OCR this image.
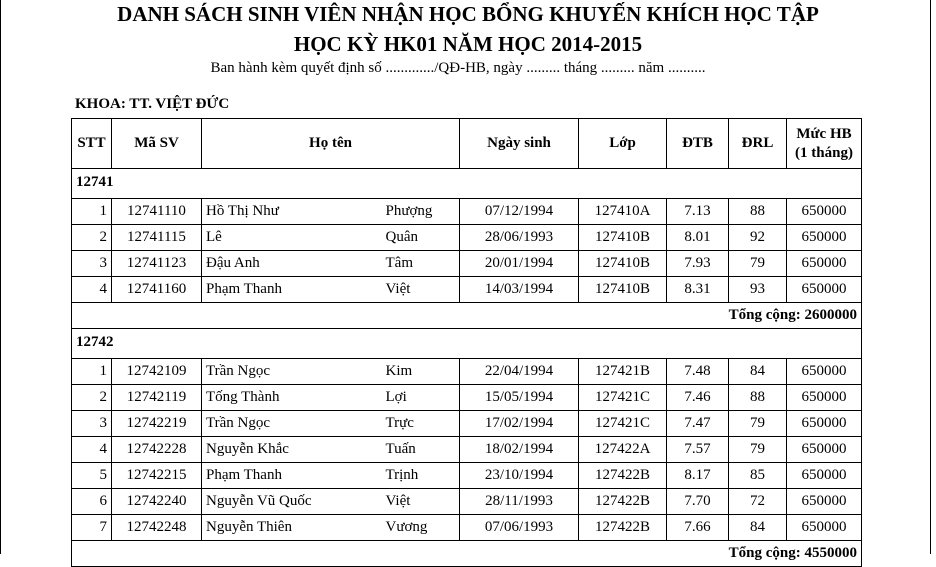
DANH SÁCH SINH VIÊN NHẬN HỌC BỔNG KHUYẾN KHÍCH HỌC TẬP
HỌC KỲ HK01 NĂM HỌC 2014-2015
Ban hành kèm quyết định số ............./QĐ-HB, ngày ......... tháng ......... năm ..........
KHOA: TT. VIỆT ĐỨC
STT	Mã SV	Họ tên		Ngày sinh	Lớp	ĐTB	ĐRL	Mức HB
(1 tháng)
12741								

1	12741110	Hồ Thị Như	Phượng	07/12/1994	127410A	7.13	88	650000
2	12741115	Lê	Quân	28/06/1993	127410B	8.01	92	650000
3	12741123	Đậu Anh	Tâm	20/01/1994	127410B	7.93	79	650000
4	12741160	Phạm Thanh	Việt	14/03/1994	127410B	8.31	93	650000
Tổng cộng: 2600000								
12742								

1	12742109	Trần Ngọc	Kim	22/04/1994	127421B	7.48	84	650000
2	12742119	Tống Thành	Lợi	15/05/1994	127421C	7.46	88	650000
3	12742219	Trần Ngọc	Trực	17/02/1994	127421C	7.47	79	650000
4	12742228	Nguyễn Khắc	Tuấn	18/02/1994	127422A	7.57	79	650000
5	12742215	Phạm Thanh	Trịnh	23/10/1994	127422B	8.17	85	650000
6	12742240	Nguyễn Vũ Quốc	Việt	28/11/1993	127422B	7.70	72	650000
7	12742248	Nguyễn Thiên	Vương	07/06/1993	127422B	7.66	84	650000
Tổng cộng: 4550000								
